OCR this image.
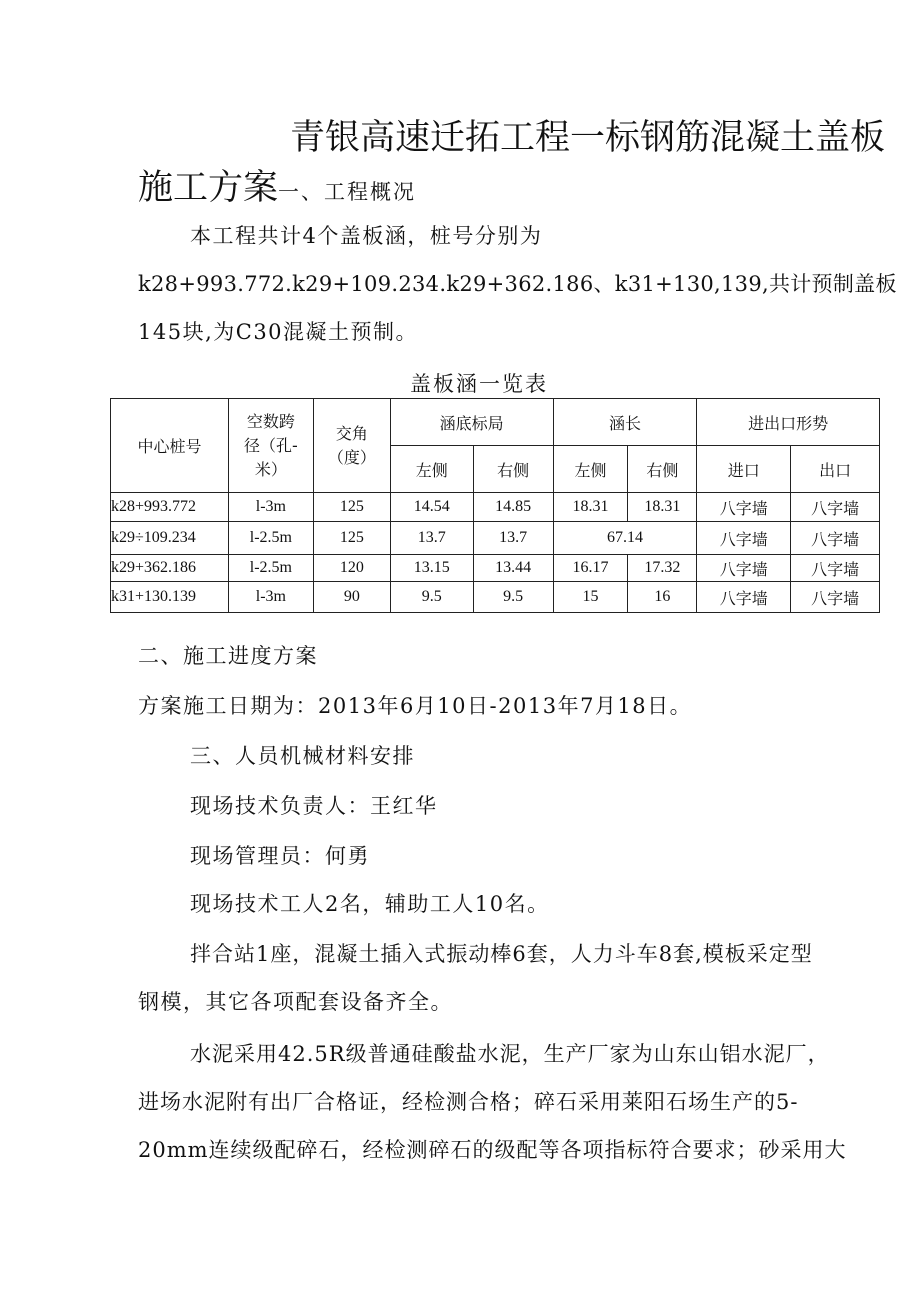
青银高速迁拓工程一标钢筋混凝土盖板
施工方案一、工程概况
本工程共计4个盖板涵，桩号分别为
k28+993.772.k29+109.234.k29+362.186、k31+130,139,共计预制盖板
145块,为C30混凝土预制。
盖板涵一览表
中心桩号	空数跨径（孔-米）	交角（度）	涵底标局		涵长		进出口形势	
			左侧	右侧	左侧	右侧	进口	出口
k28+993.772	l-3m	125	14.54	14.85	18.31	18.31	八字墙	八字墙
k29÷109.234	l-2.5m	125	13.7	13.7	67.14		八字墙	八字墙
k29+362.186	l-2.5m	120	13.15	13.44	16.17	17.32	八字墙	八字墙
k31+130.139	l-3m	90	9.5	9.5	15	16	八字墙	八字墙
二、施工进度方案
方案施工日期为：2013年6月10日-2013年7月18日。
三、人员机械材料安排
现场技术负责人：王红华
现场管理员：何勇
现场技术工人2名，辅助工人10名。
拌合站1座，混凝土插入式振动棒6套，人力斗车8套,模板采定型
钢模，其它各项配套设备齐全。
水泥采用42.5R级普通硅酸盐水泥，生产厂家为山东山铝水泥厂，
进场水泥附有出厂合格证，经检测合格；碎石采用莱阳石场生产的5-
20mm连续级配碎石，经检测碎石的级配等各项指标符合要求；砂采用大
